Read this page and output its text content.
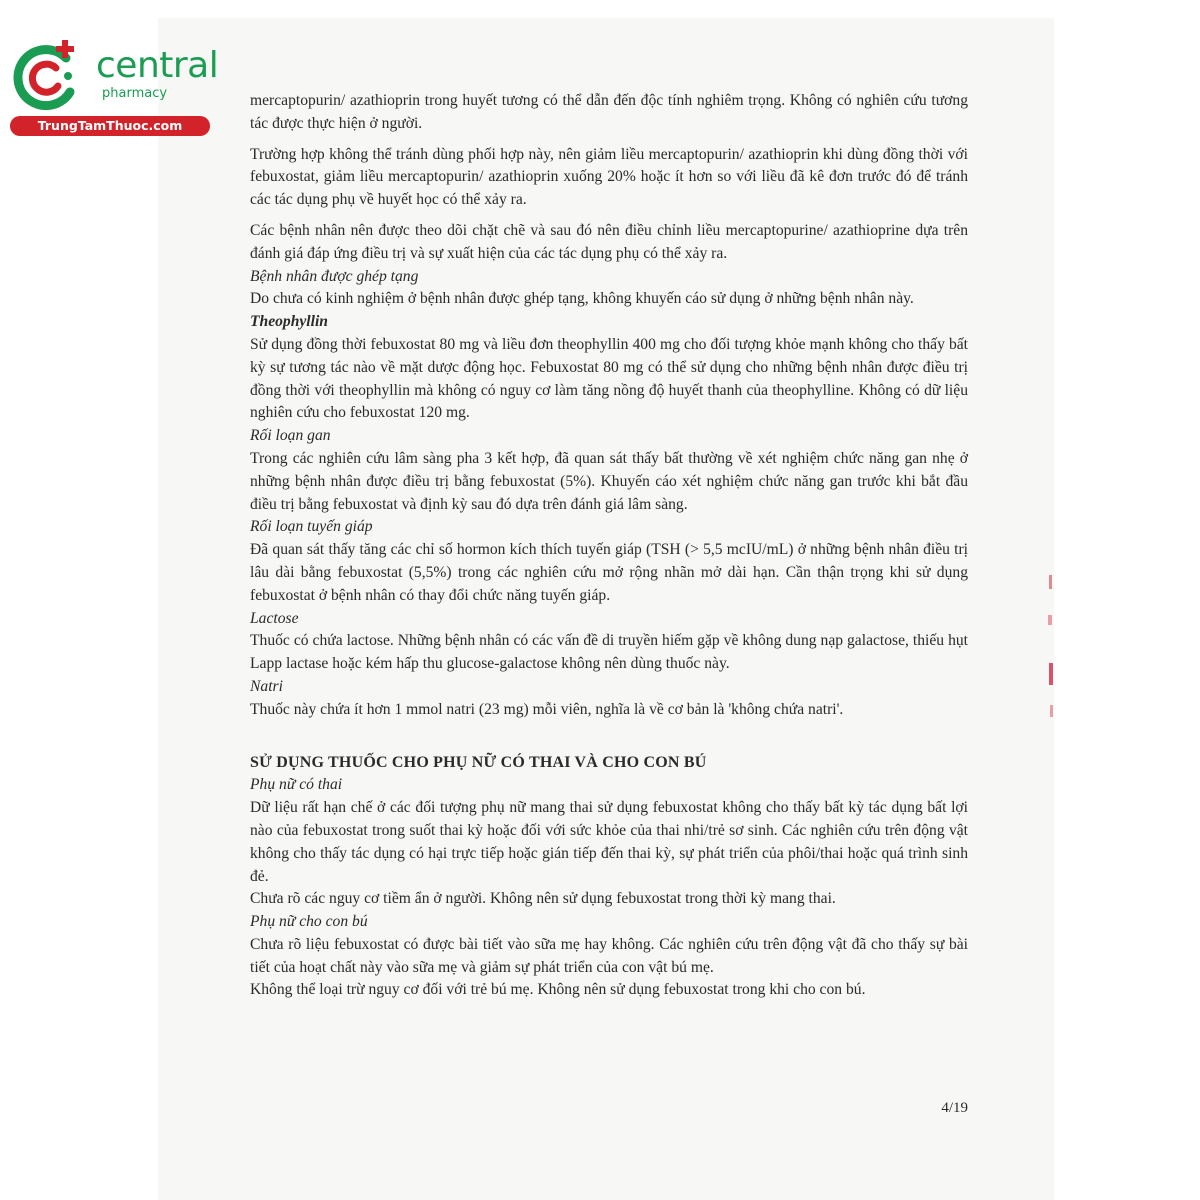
central
pharmacy
TrungTamThuoc.com

mercaptopurin/ azathioprin trong huyết tương có thể dẫn đến độc tính nghiêm trọng. Không có nghiên cứu tương tác được thực hiện ở người.

Trường hợp không thể tránh dùng phối hợp này, nên giảm liều mercaptopurin/ azathioprin khi dùng đồng thời với febuxostat, giảm liều mercaptopurin/ azathioprin xuống 20% hoặc ít hơn so với liều đã kê đơn trước đó để tránh các tác dụng phụ về huyết học có thể xảy ra.

Các bệnh nhân nên được theo dõi chặt chẽ và sau đó nên điều chỉnh liều mercaptopurine/ azathioprine dựa trên đánh giá đáp ứng điều trị và sự xuất hiện của các tác dụng phụ có thể xảy ra.

Bệnh nhân được ghép tạng

Do chưa có kinh nghiệm ở bệnh nhân được ghép tạng, không khuyến cáo sử dụng ở những bệnh nhân này.

Theophyllin

Sử dụng đồng thời febuxostat 80 mg và liều đơn theophyllin 400 mg cho đối tượng khỏe mạnh không cho thấy bất kỳ sự tương tác nào về mặt dược động học. Febuxostat 80 mg có thể sử dụng cho những bệnh nhân được điều trị đồng thời với theophyllin mà không có nguy cơ làm tăng nồng độ huyết thanh của theophylline. Không có dữ liệu nghiên cứu cho febuxostat 120 mg.

Rối loạn gan

Trong các nghiên cứu lâm sàng pha 3 kết hợp, đã quan sát thấy bất thường về xét nghiệm chức năng gan nhẹ ở những bệnh nhân được điều trị bằng febuxostat (5%). Khuyến cáo xét nghiệm chức năng gan trước khi bắt đầu điều trị bằng febuxostat và định kỳ sau đó dựa trên đánh giá lâm sàng.

Rối loạn tuyến giáp

Đã quan sát thấy tăng các chỉ số hormon kích thích tuyến giáp (TSH (> 5,5 mcIU/mL) ở những bệnh nhân điều trị lâu dài bằng febuxostat (5,5%) trong các nghiên cứu mở rộng nhãn mở dài hạn. Cần thận trọng khi sử dụng febuxostat ở bệnh nhân có thay đổi chức năng tuyến giáp.

Lactose

Thuốc có chứa lactose. Những bệnh nhân có các vấn đề di truyền hiếm gặp về không dung nạp galactose, thiếu hụt Lapp lactase hoặc kém hấp thu glucose-galactose không nên dùng thuốc này.

Natri

Thuốc này chứa ít hơn 1 mmol natri (23 mg) mỗi viên, nghĩa là về cơ bản là 'không chứa natri'.

SỬ DỤNG THUỐC CHO PHỤ NỮ CÓ THAI VÀ CHO CON BÚ
Phụ nữ có thai

Dữ liệu rất hạn chế ở các đối tượng phụ nữ mang thai sử dụng febuxostat không cho thấy bất kỳ tác dụng bất lợi nào của febuxostat trong suốt thai kỳ hoặc đối với sức khỏe của thai nhi/trẻ sơ sinh. Các nghiên cứu trên động vật không cho thấy tác dụng có hại trực tiếp hoặc gián tiếp đến thai kỳ, sự phát triển của phôi/thai hoặc quá trình sinh đẻ.

Chưa rõ các nguy cơ tiềm ẩn ở người. Không nên sử dụng febuxostat trong thời kỳ mang thai.

Phụ nữ cho con bú

Chưa rõ liệu febuxostat có được bài tiết vào sữa mẹ hay không. Các nghiên cứu trên động vật đã cho thấy sự bài tiết của hoạt chất này vào sữa mẹ và giảm sự phát triển của con vật bú mẹ.

Không thể loại trừ nguy cơ đối với trẻ bú mẹ. Không nên sử dụng febuxostat trong khi cho con bú.

4/19
